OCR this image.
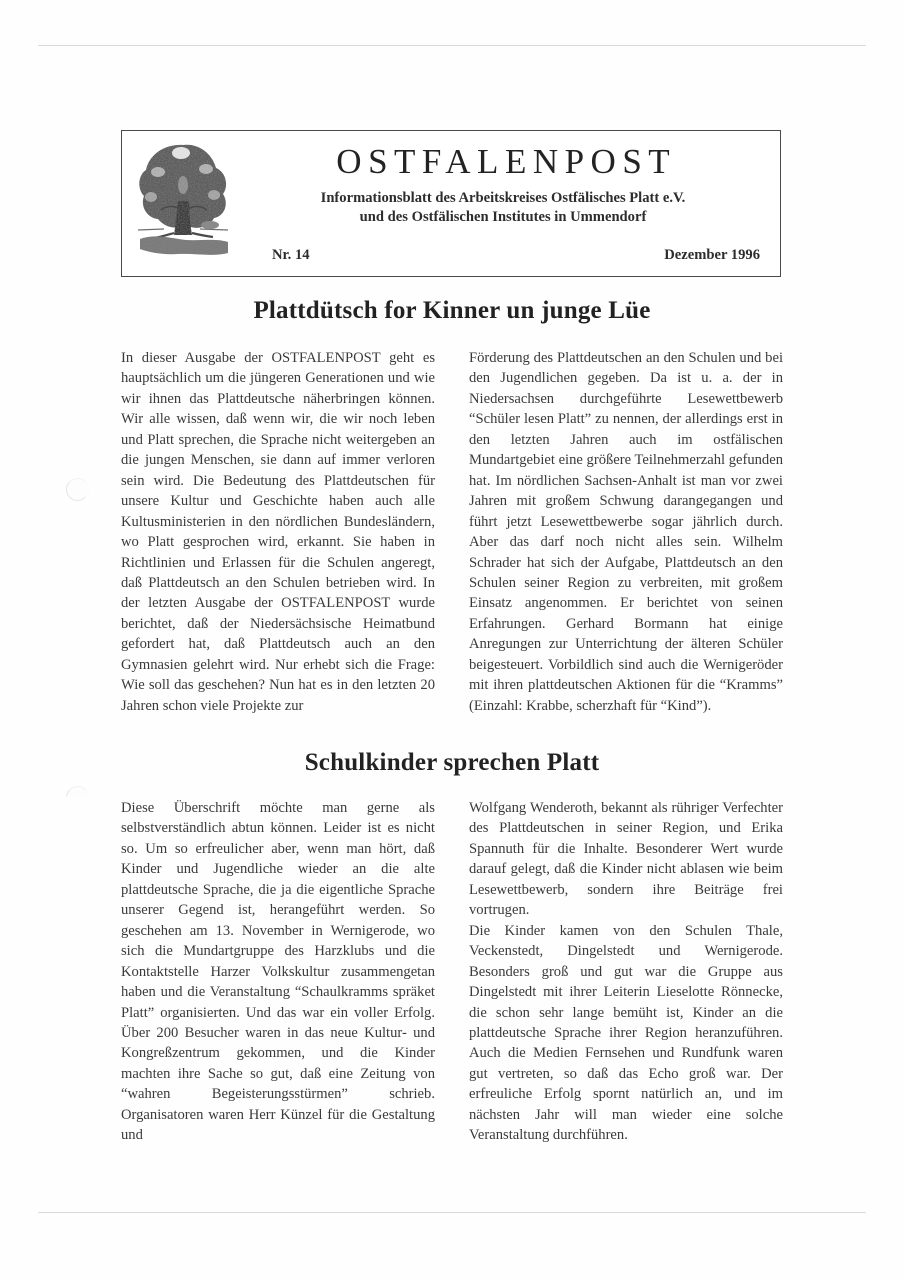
OSTFALENPOST
Informationsblatt des Arbeitskreises Ostfälisches Platt e.V.
und des Ostfälischen Institutes in Ummendorf
Nr. 14	Dezember 1996
Plattdütsch for Kinner un junge Lüe

In dieser Ausgabe der OSTFALENPOST geht es hauptsächlich um die jüngeren Generationen und wie wir ihnen das Plattdeutsche näherbringen können. Wir alle wissen, daß wenn wir, die wir noch leben und Platt sprechen, die Sprache nicht weitergeben an die jungen Menschen, sie dann auf immer verloren sein wird. Die Bedeutung des Plattdeutschen für unsere Kultur und Geschichte haben auch alle Kultusministerien in den nördlichen Bundesländern, wo Platt gesprochen wird, erkannt. Sie haben in Richtlinien und Erlassen für die Schulen angeregt, daß Plattdeutsch an den Schulen betrieben wird. In der letzten Ausgabe der OSTFALENPOST wurde berichtet, daß der Niedersächsische Heimatbund gefordert hat, daß Plattdeutsch auch an den Gymnasien gelehrt wird. Nur erhebt sich die Frage: Wie soll das geschehen? Nun hat es in den letzten 20 Jahren schon viele Projekte zur

Förderung des Plattdeutschen an den Schulen und bei den Jugendlichen gegeben. Da ist u. a. der in Niedersachsen durchgeführte Lesewettbewerb “Schüler lesen Platt” zu nennen, der allerdings erst in den letzten Jahren auch im ostfälischen Mundartgebiet eine größere Teilnehmerzahl gefunden hat. Im nördlichen Sachsen-Anhalt ist man vor zwei Jahren mit großem Schwung darangegangen und führt jetzt Lesewettbewerbe sogar jährlich durch. Aber das darf noch nicht alles sein. Wilhelm Schrader hat sich der Aufgabe, Plattdeutsch an den Schulen seiner Region zu verbreiten, mit großem Einsatz angenommen. Er berichtet von seinen Erfahrungen. Gerhard Bormann hat einige Anregungen zur Unterrichtung der älteren Schüler beigesteuert. Vorbildlich sind auch die Wernigeröder mit ihren plattdeutschen Aktionen für die “Kramms” (Einzahl: Krabbe, scherzhaft für “Kind”).

Schulkinder sprechen Platt

Diese Überschrift möchte man gerne als selbstverständlich abtun können. Leider ist es nicht so. Um so erfreulicher aber, wenn man hört, daß Kinder und Jugendliche wieder an die alte plattdeutsche Sprache, die ja die eigentliche Sprache unserer Gegend ist, herangeführt werden. So geschehen am 13. November in Wernigerode, wo sich die Mundartgruppe des Harzklubs und die Kontaktstelle Harzer Volkskultur zusammengetan haben und die Veranstaltung “Schaulkramms spräket Platt” organisierten. Und das war ein voller Erfolg. Über 200 Besucher waren in das neue Kultur- und Kongreßzentrum gekommen, und die Kinder machten ihre Sache so gut, daß eine Zeitung von “wahren Begeisterungsstürmen” schrieb. Organisatoren waren Herr Künzel für die Gestaltung und

Wolfgang Wenderoth, bekannt als rühriger Verfechter des Plattdeutschen in seiner Region, und Erika Spannuth für die Inhalte. Besonderer Wert wurde darauf gelegt, daß die Kinder nicht ablasen wie beim Lesewettbewerb, sondern ihre Beiträge frei vortrugen.

Die Kinder kamen von den Schulen Thale, Veckenstedt, Dingelstedt und Wernigerode. Besonders groß und gut war die Gruppe aus Dingelstedt mit ihrer Leiterin Lieselotte Rönnecke, die schon sehr lange bemüht ist, Kinder an die plattdeutsche Sprache ihrer Region heranzuführen. Auch die Medien Fernsehen und Rundfunk waren gut vertreten, so daß das Echo groß war. Der erfreuliche Erfolg spornt natürlich an, und im nächsten Jahr will man wieder eine solche Veranstaltung durchführen.
